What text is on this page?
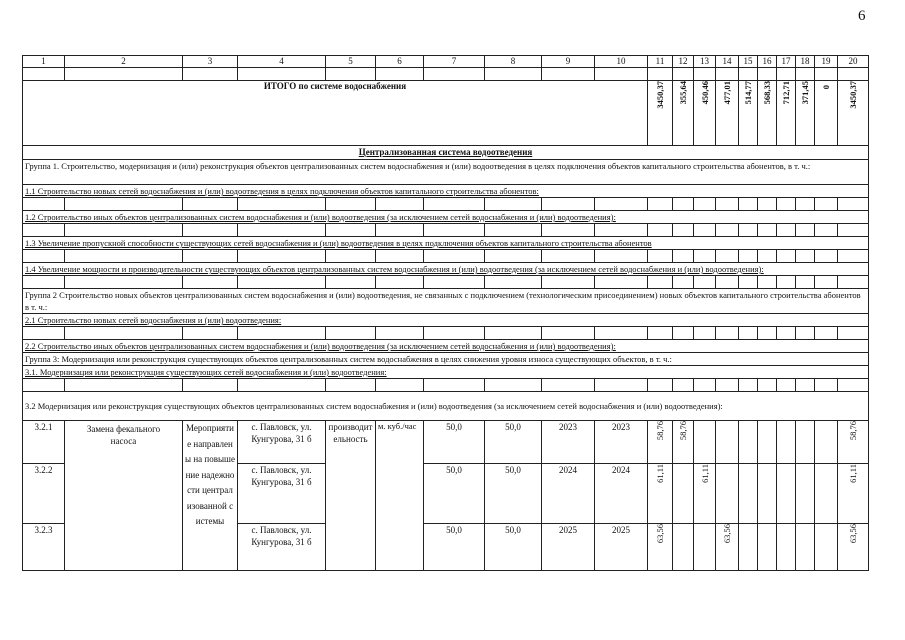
6
1	2	3	4	5	6	7	8	9	10	11	12	13	14	15	16	17	18	19	20

ИТОГО по системе водоснабжения										3450,37	355,64	450,46	477,01	514,77	568,33	712,71	371,45	0	3450,37
Централизованная система водоотведения																			
Группа 1. Строительство, модернизация и (или) реконструкция объектов централизованных систем водоснабжения и (или) водоотведения в целях подключения объектов капитального строительства абонентов, в т. ч.:																			
1.1 Строительство новых сетей водоснабжения и (или) водоотведения в целях подключения объектов капитального строительства абонентов:																			

1.2 Строительство иных объектов централизованных систем водоснабжения и (или) водоотведения (за исключением сетей водоснабжения и (или) водоотведения):																			

1.3 Увеличение пропускной способности существующих сетей водоснабжения и (или) водоотведения в целях подключения объектов капитального строительства абонентов																			

1.4 Увеличение мощности и производительности существующих объектов централизованных систем водоснабжения и (или) водоотведения (за исключением сетей водоснабжения и (или) водоотведения):																			

Группа 2 Строительство новых объектов централизованных систем водоснабжения и (или) водоотведения, не связанных с подключением (технологическим присоединением) новых объектов капитального строительства абонентов в т. ч.:																			
2.1 Строительство новых сетей водоснабжения и (или) водоотведения:																			

2.2 Строительство иных объектов централизованных систем водоснабжения и (или) водоотведения (за исключением сетей водоснабжения и (или) водоотведения):																			
Группа 3: Модернизация или реконструкция существующих объектов централизованных систем водоснабжения в целях снижения уровня износа существующих объектов, в т. ч.:																			
3.1. Модернизация или реконструкция существующих сетей водоснабжения и (или) водоотведения:																			

3.2 Модернизация или реконструкция существующих объектов централизованных систем водоснабжения и (или) водоотведения (за исключением сетей водоснабжения и (или) водоотведения):																			
3.2.1	Замена фекального насоса	Мероприятие направлены на повышение надежности централизованной системы	с. Павловск, ул. Кунгурова, 31 б	производительность	м. куб./час	50,0	50,0	2023	2023	58,76	58,76								58,76
3.2.2			с. Павловск, ул. Кунгурова, 31 б			50,0	50,0	2024	2024	61,11		61,11							61,11
3.2.3			с. Павловск, ул. Кунгурова, 31 б			50,0	50,0	2025	2025	63,56			63,56						63,56
